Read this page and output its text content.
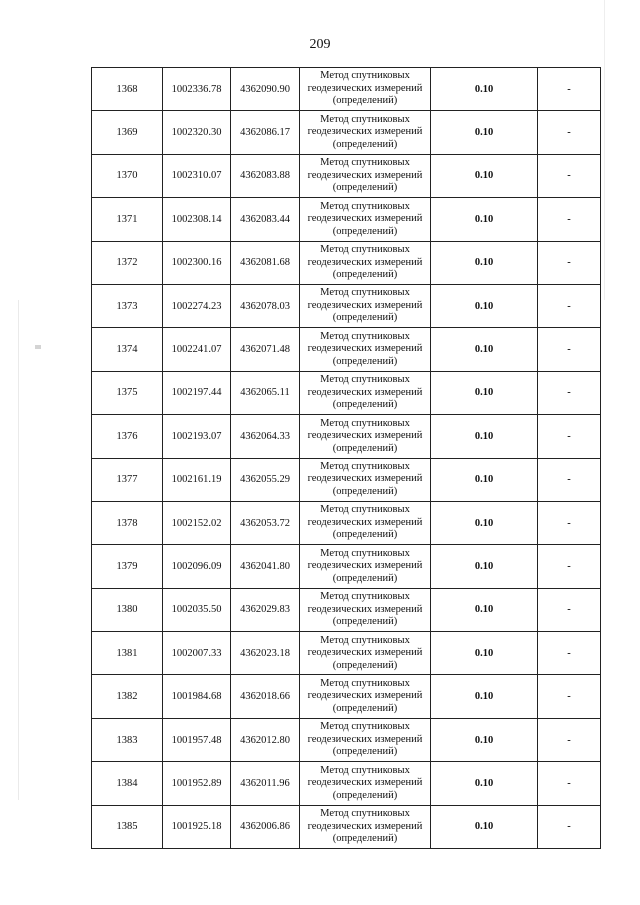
209
1368	1002336.78	4362090.90	Метод спутниковых
геодезических измерений
(определений)	0.10	-
1369	1002320.30	4362086.17	Метод спутниковых
геодезических измерений
(определений)	0.10	-
1370	1002310.07	4362083.88	Метод спутниковых
геодезических измерений
(определений)	0.10	-
1371	1002308.14	4362083.44	Метод спутниковых
геодезических измерений
(определений)	0.10	-
1372	1002300.16	4362081.68	Метод спутниковых
геодезических измерений
(определений)	0.10	-
1373	1002274.23	4362078.03	Метод спутниковых
геодезических измерений
(определений)	0.10	-
1374	1002241.07	4362071.48	Метод спутниковых
геодезических измерений
(определений)	0.10	-
1375	1002197.44	4362065.11	Метод спутниковых
геодезических измерений
(определений)	0.10	-
1376	1002193.07	4362064.33	Метод спутниковых
геодезических измерений
(определений)	0.10	-
1377	1002161.19	4362055.29	Метод спутниковых
геодезических измерений
(определений)	0.10	-
1378	1002152.02	4362053.72	Метод спутниковых
геодезических измерений
(определений)	0.10	-
1379	1002096.09	4362041.80	Метод спутниковых
геодезических измерений
(определений)	0.10	-
1380	1002035.50	4362029.83	Метод спутниковых
геодезических измерений
(определений)	0.10	-
1381	1002007.33	4362023.18	Метод спутниковых
геодезических измерений
(определений)	0.10	-
1382	1001984.68	4362018.66	Метод спутниковых
геодезических измерений
(определений)	0.10	-
1383	1001957.48	4362012.80	Метод спутниковых
геодезических измерений
(определений)	0.10	-
1384	1001952.89	4362011.96	Метод спутниковых
геодезических измерений
(определений)	0.10	-
1385	1001925.18	4362006.86	Метод спутниковых
геодезических измерений
(определений)	0.10	-
